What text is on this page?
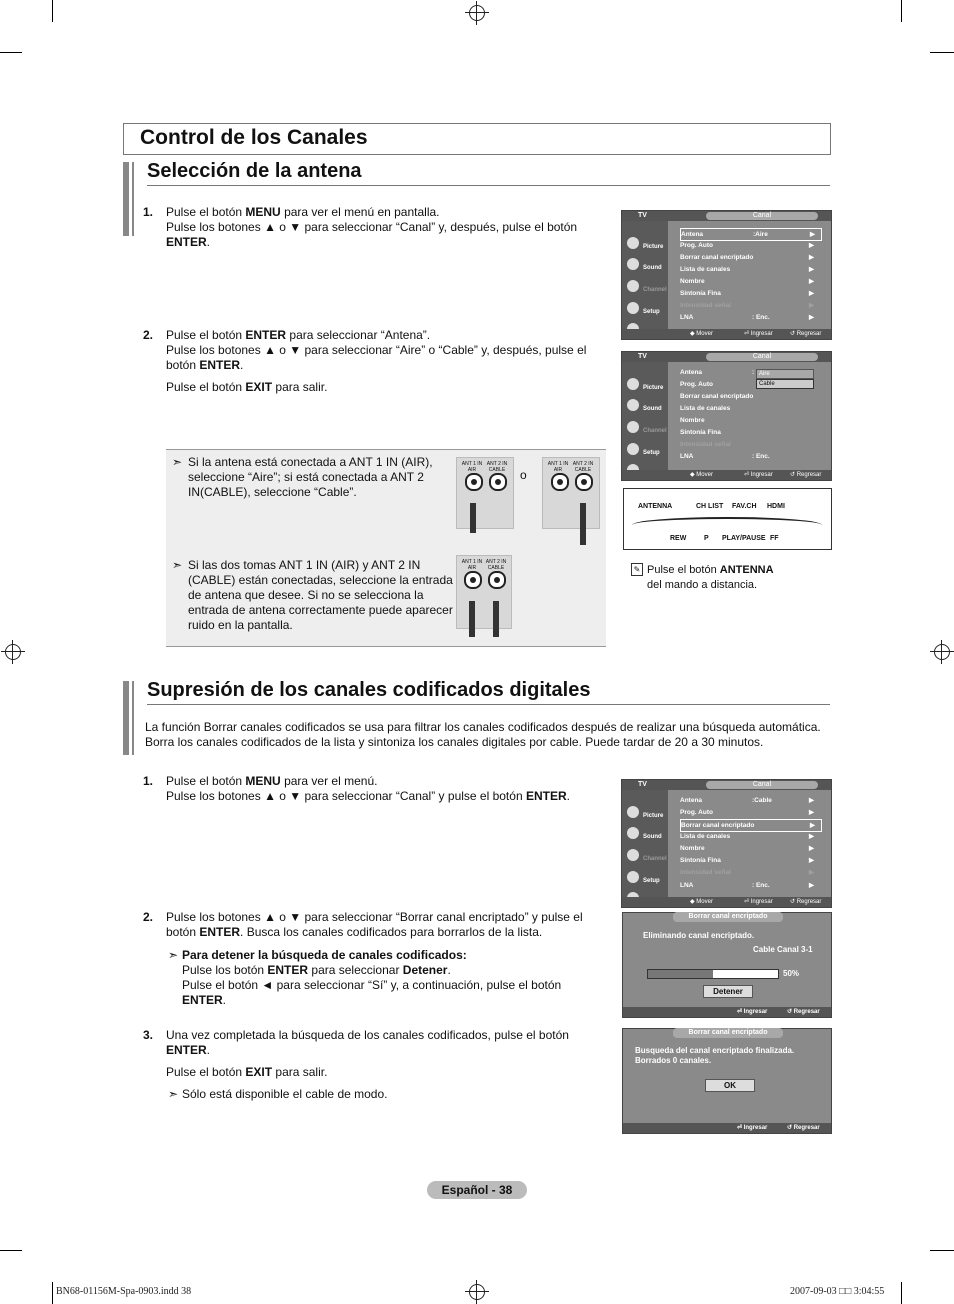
Control de los Canales
Selección de la antena
1. Pulse el botón MENU para ver el menú en pantalla.
Pulse los botones ▲ o ▼ para seleccionar “Canal” y, después, pulse el botón ENTER.
2. Pulse el botón ENTER para seleccionar “Antena”.
Pulse los botones ▲ o ▼ para seleccionar “Aire” o “Cable” y, después, pulse el botón ENTER.
Pulse el botón EXIT para salir.
➣ Si la antena está conectada a ANT 1 IN (AIR), seleccione “Aire”; si está conectada a ANT 2 IN(CABLE), seleccione “Cable”.
➣ Si las dos tomas ANT 1 IN (AIR) y ANT 2 IN (CABLE) están conectadas, seleccione la entrada de antena que desee. Si no se selecciona la entrada de antena correctamente puede aparecer ruido en la pantalla.
ANT 1 IN AIR
ANT 2 IN CABLE	o
ANT 1 IN AIR
ANT 2 IN CABLE
ANT 1 IN AIR
ANT 2 IN CABLE
TV	Canal
Picture
Sound
Channel
Setup
Antena	:Aire	▶
Prog. Auto	▶
Borrar canal encriptado	▶
Lista de canales	▶
Nombre	▶
Sintonía Fina	▶
Intensidad señal	▶
LNA	: Enc.	▶
◆ Mover	⏎ Ingresar	↺ Regresar
TV	Canal
Picture
Sound
Channel
Setup
Antena	: Aire
Cable
Prog. Auto
Borrar canal encriptado
Lista de canales
Nombre
Sintonía Fina
Intensidad señal
LNA	: Enc.
◆ Mover	⏎ Ingresar	↺ Regresar
ANTENNA	CH LIST FAV.CH HDMI
REW	P PLAY/PAUSE FF
✎ Pulse el botón ANTENNA
del mando a distancia.
Supresión de los canales codificados digitales
La función Borrar canales codificados se usa para filtrar los canales codificados después de realizar una búsqueda automática. Borra los canales codificados de la lista y sintoniza los canales digitales por cable. Puede tardar de 20 a 30 minutos.
1. Pulse el botón MENU para ver el menú.
Pulse los botones ▲ o ▼ para seleccionar “Canal” y pulse el botón ENTER.
2. Pulse los botones ▲ o ▼ para seleccionar “Borrar canal encriptado” y pulse el botón ENTER. Busca los canales codificados para borrarlos de la lista.
➣ Para detener la búsqueda de canales codificados:
Pulse los botón ENTER para seleccionar Detener.
Pulse el botón ◄ para seleccionar “Sí” y, a continuación, pulse el botón ENTER.
3. Una vez completada la búsqueda de los canales codificados, pulse el botón ENTER.
Pulse el botón EXIT para salir.
➣ Sólo está disponible el cable de modo.
TV	Canal
Picture
Sound
Channel
Setup
Antena	:Cable	▶
Prog. Auto	▶
Borrar canal encriptado	▶
Lista de canales	▶
Nombre	▶
Sintonía Fina	▶
Intensidad señal	▶
LNA	: Enc.	▶
◆ Mover	⏎ Ingresar	↺ Regresar
Borrar canal encriptado
Eliminando canal encriptado.
Cable Canal 3-1
50%
Detener
⏎ Ingresar	↺ Regresar
Borrar canal encriptado
Busqueda del canal encriptado finalizada.
Borrados 0 canales.
OK
⏎ Ingresar	↺ Regresar
Español - 38
BN68-01156M-Spa-0903.indd 38	2007-09-03 □□ 3:04:55
